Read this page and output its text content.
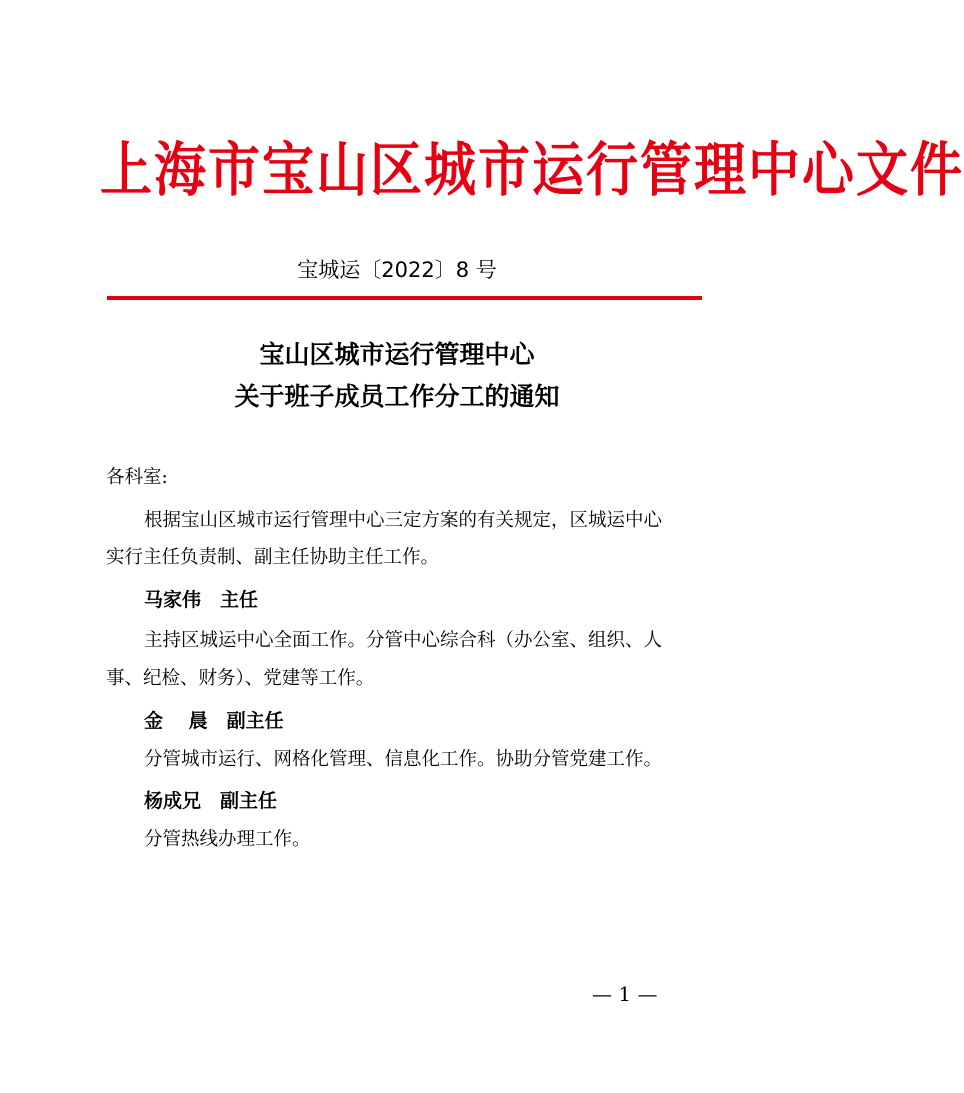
上海市宝山区城市运行管理中心文件
宝城运〔2022〕8 号
宝山区城市运行管理中心
关于班子成员工作分工的通知
各科室:
根据宝山区城市运行管理中心三定方案的有关规定，区城运中心
实行主任负责制、副主任协助主任工作。
马家伟　主任
主持区城运中心全面工作。分管中心综合科（办公室、组织、人
事、纪检、财务）、党建等工作。
金　 晨　副主任
分管城市运行、网格化管理、信息化工作。协助分管党建工作。
杨成兄　副主任
分管热线办理工作。
— 1 —
